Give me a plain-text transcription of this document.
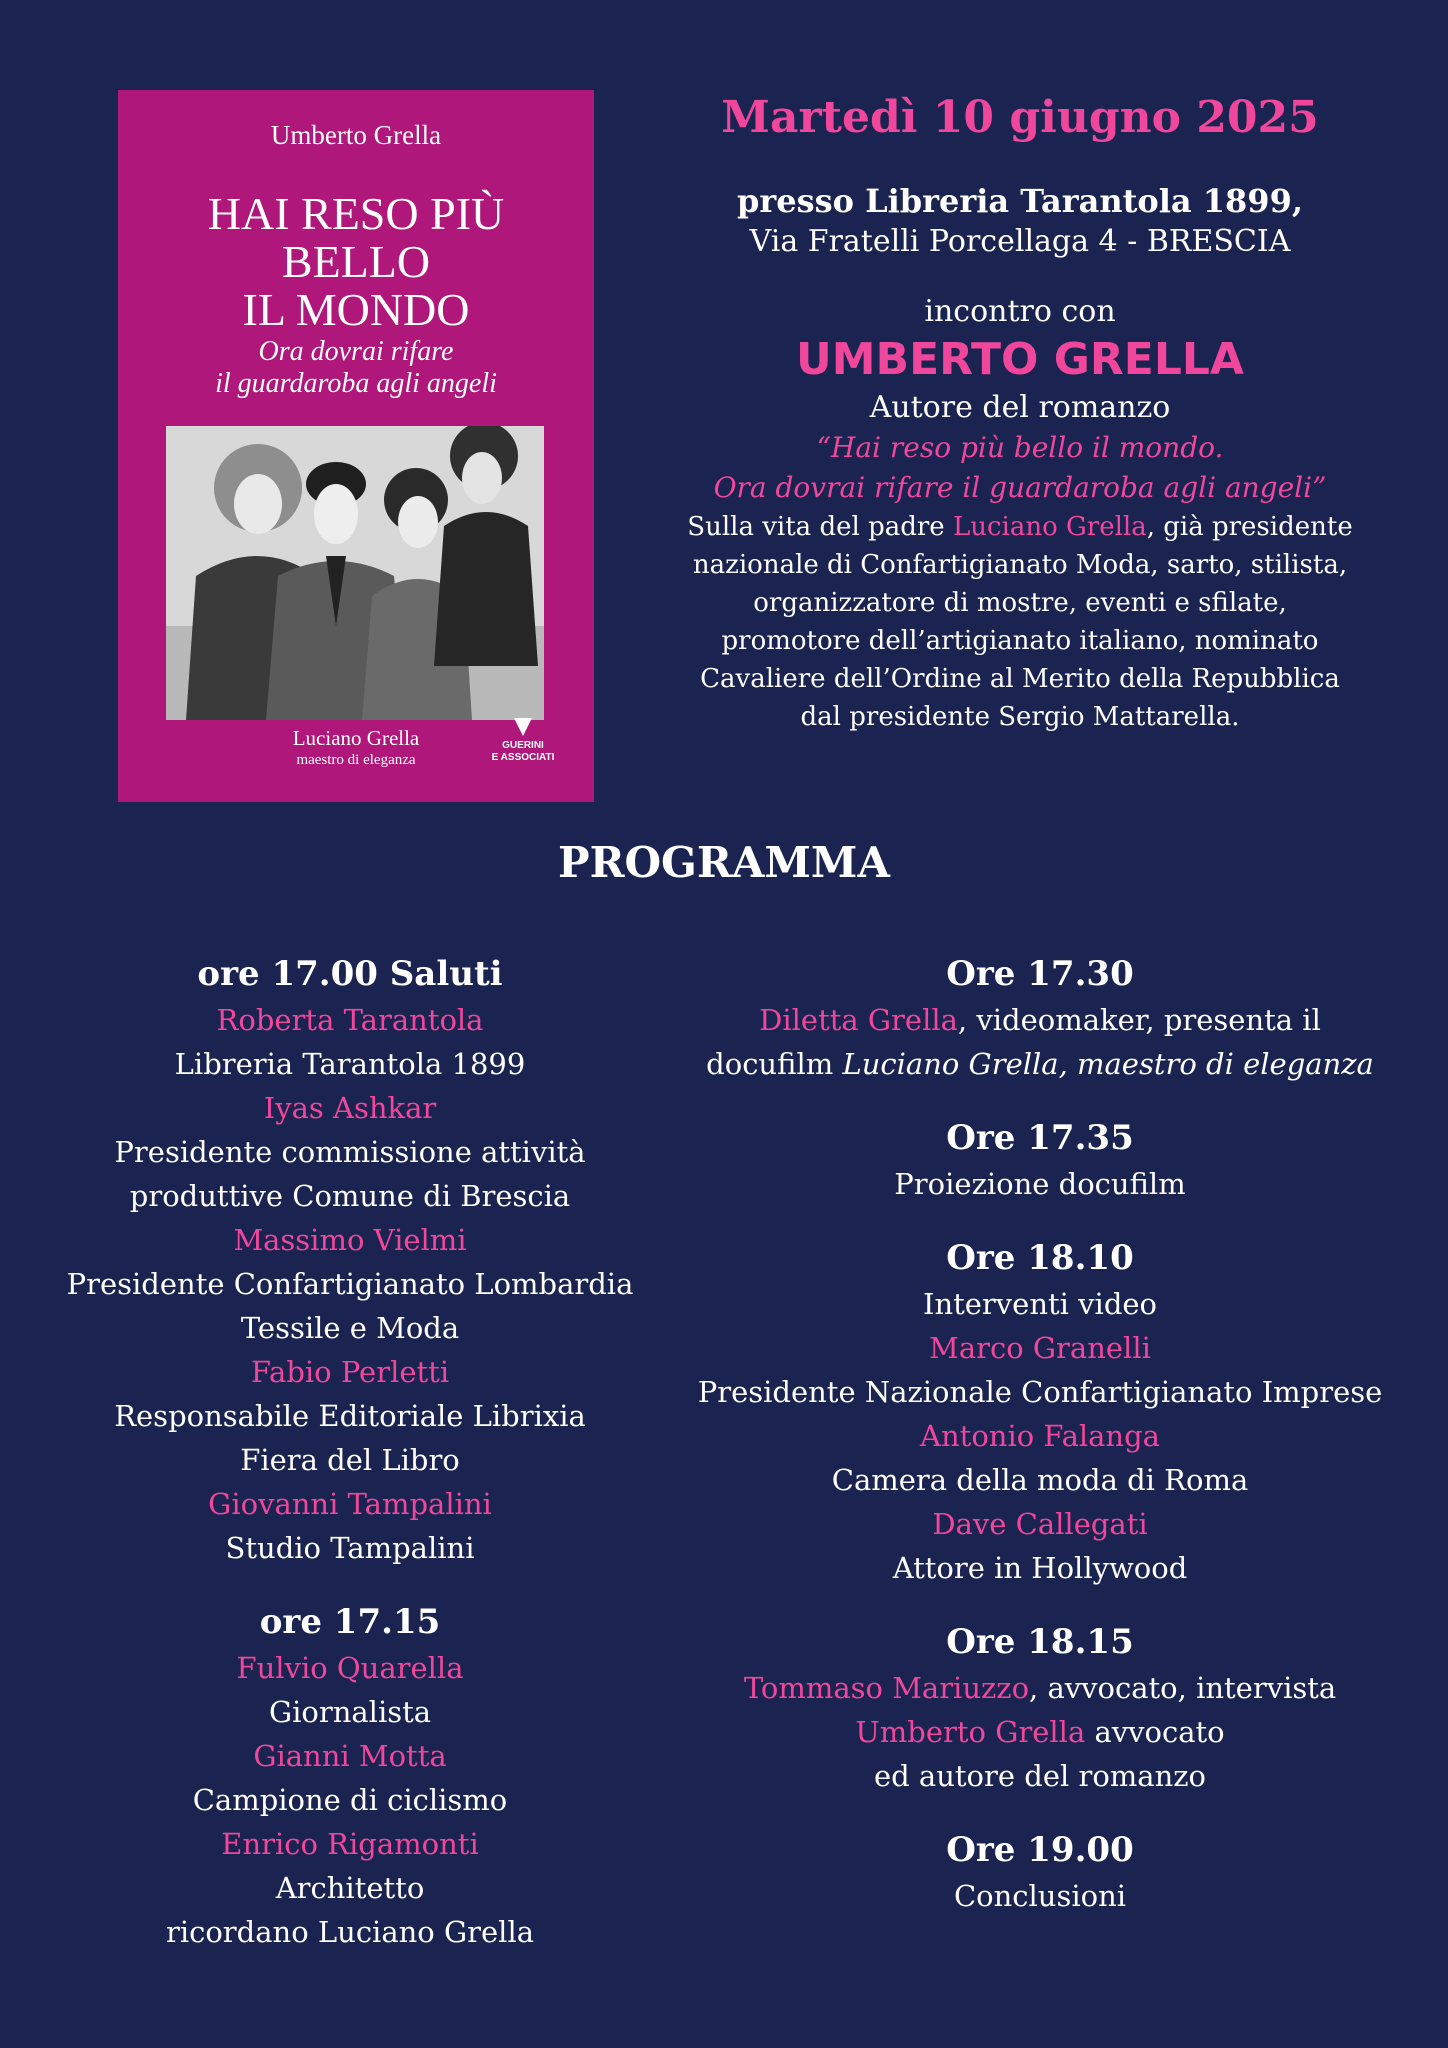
Umberto Grella
HAI RESO PIÙ
BELLO
IL MONDO
Ora dovrai rifare
il guardaroba agli angeli
Luciano Grella
maestro di eleganza
GUERINI
E ASSOCIATI
Martedì 10 giugno 2025
presso Libreria Tarantola 1899,
Via Fratelli Porcellaga 4 - BRESCIA
incontro con
UMBERTO GRELLA
Autore del romanzo
“Hai reso più bello il mondo.
Ora dovrai rifare il guardaroba agli angeli”
Sulla vita del padre Luciano Grella, già presidente
nazionale di Confartigianato Moda, sarto, stilista,
organizzatore di mostre, eventi e sfilate,
promotore dell’artigianato italiano, nominato
Cavaliere dell’Ordine al Merito della Repubblica
dal presidente Sergio Mattarella.
PROGRAMMA
ore 17.00 Saluti
Roberta Tarantola
Libreria Tarantola 1899
Iyas Ashkar
Presidente commissione attività
produttive Comune di Brescia
Massimo Vielmi
Presidente Confartigianato Lombardia
Tessile e Moda
Fabio Perletti
Responsabile Editoriale Librixia
Fiera del Libro
Giovanni Tampalini
Studio Tampalini
ore 17.15
Fulvio Quarella
Giornalista
Gianni Motta
Campione di ciclismo
Enrico Rigamonti
Architetto
ricordano Luciano Grella
Ore 17.30
Diletta Grella, videomaker, presenta il
docufilm Luciano Grella, maestro di eleganza
Ore 17.35
Proiezione docufilm
Ore 18.10
Interventi video
Marco Granelli
Presidente Nazionale Confartigianato Imprese
Antonio Falanga
Camera della moda di Roma
Dave Callegati
Attore in Hollywood
Ore 18.15
Tommaso Mariuzzo, avvocato, intervista
Umberto Grella avvocato
ed autore del romanzo
Ore 19.00
Conclusioni
